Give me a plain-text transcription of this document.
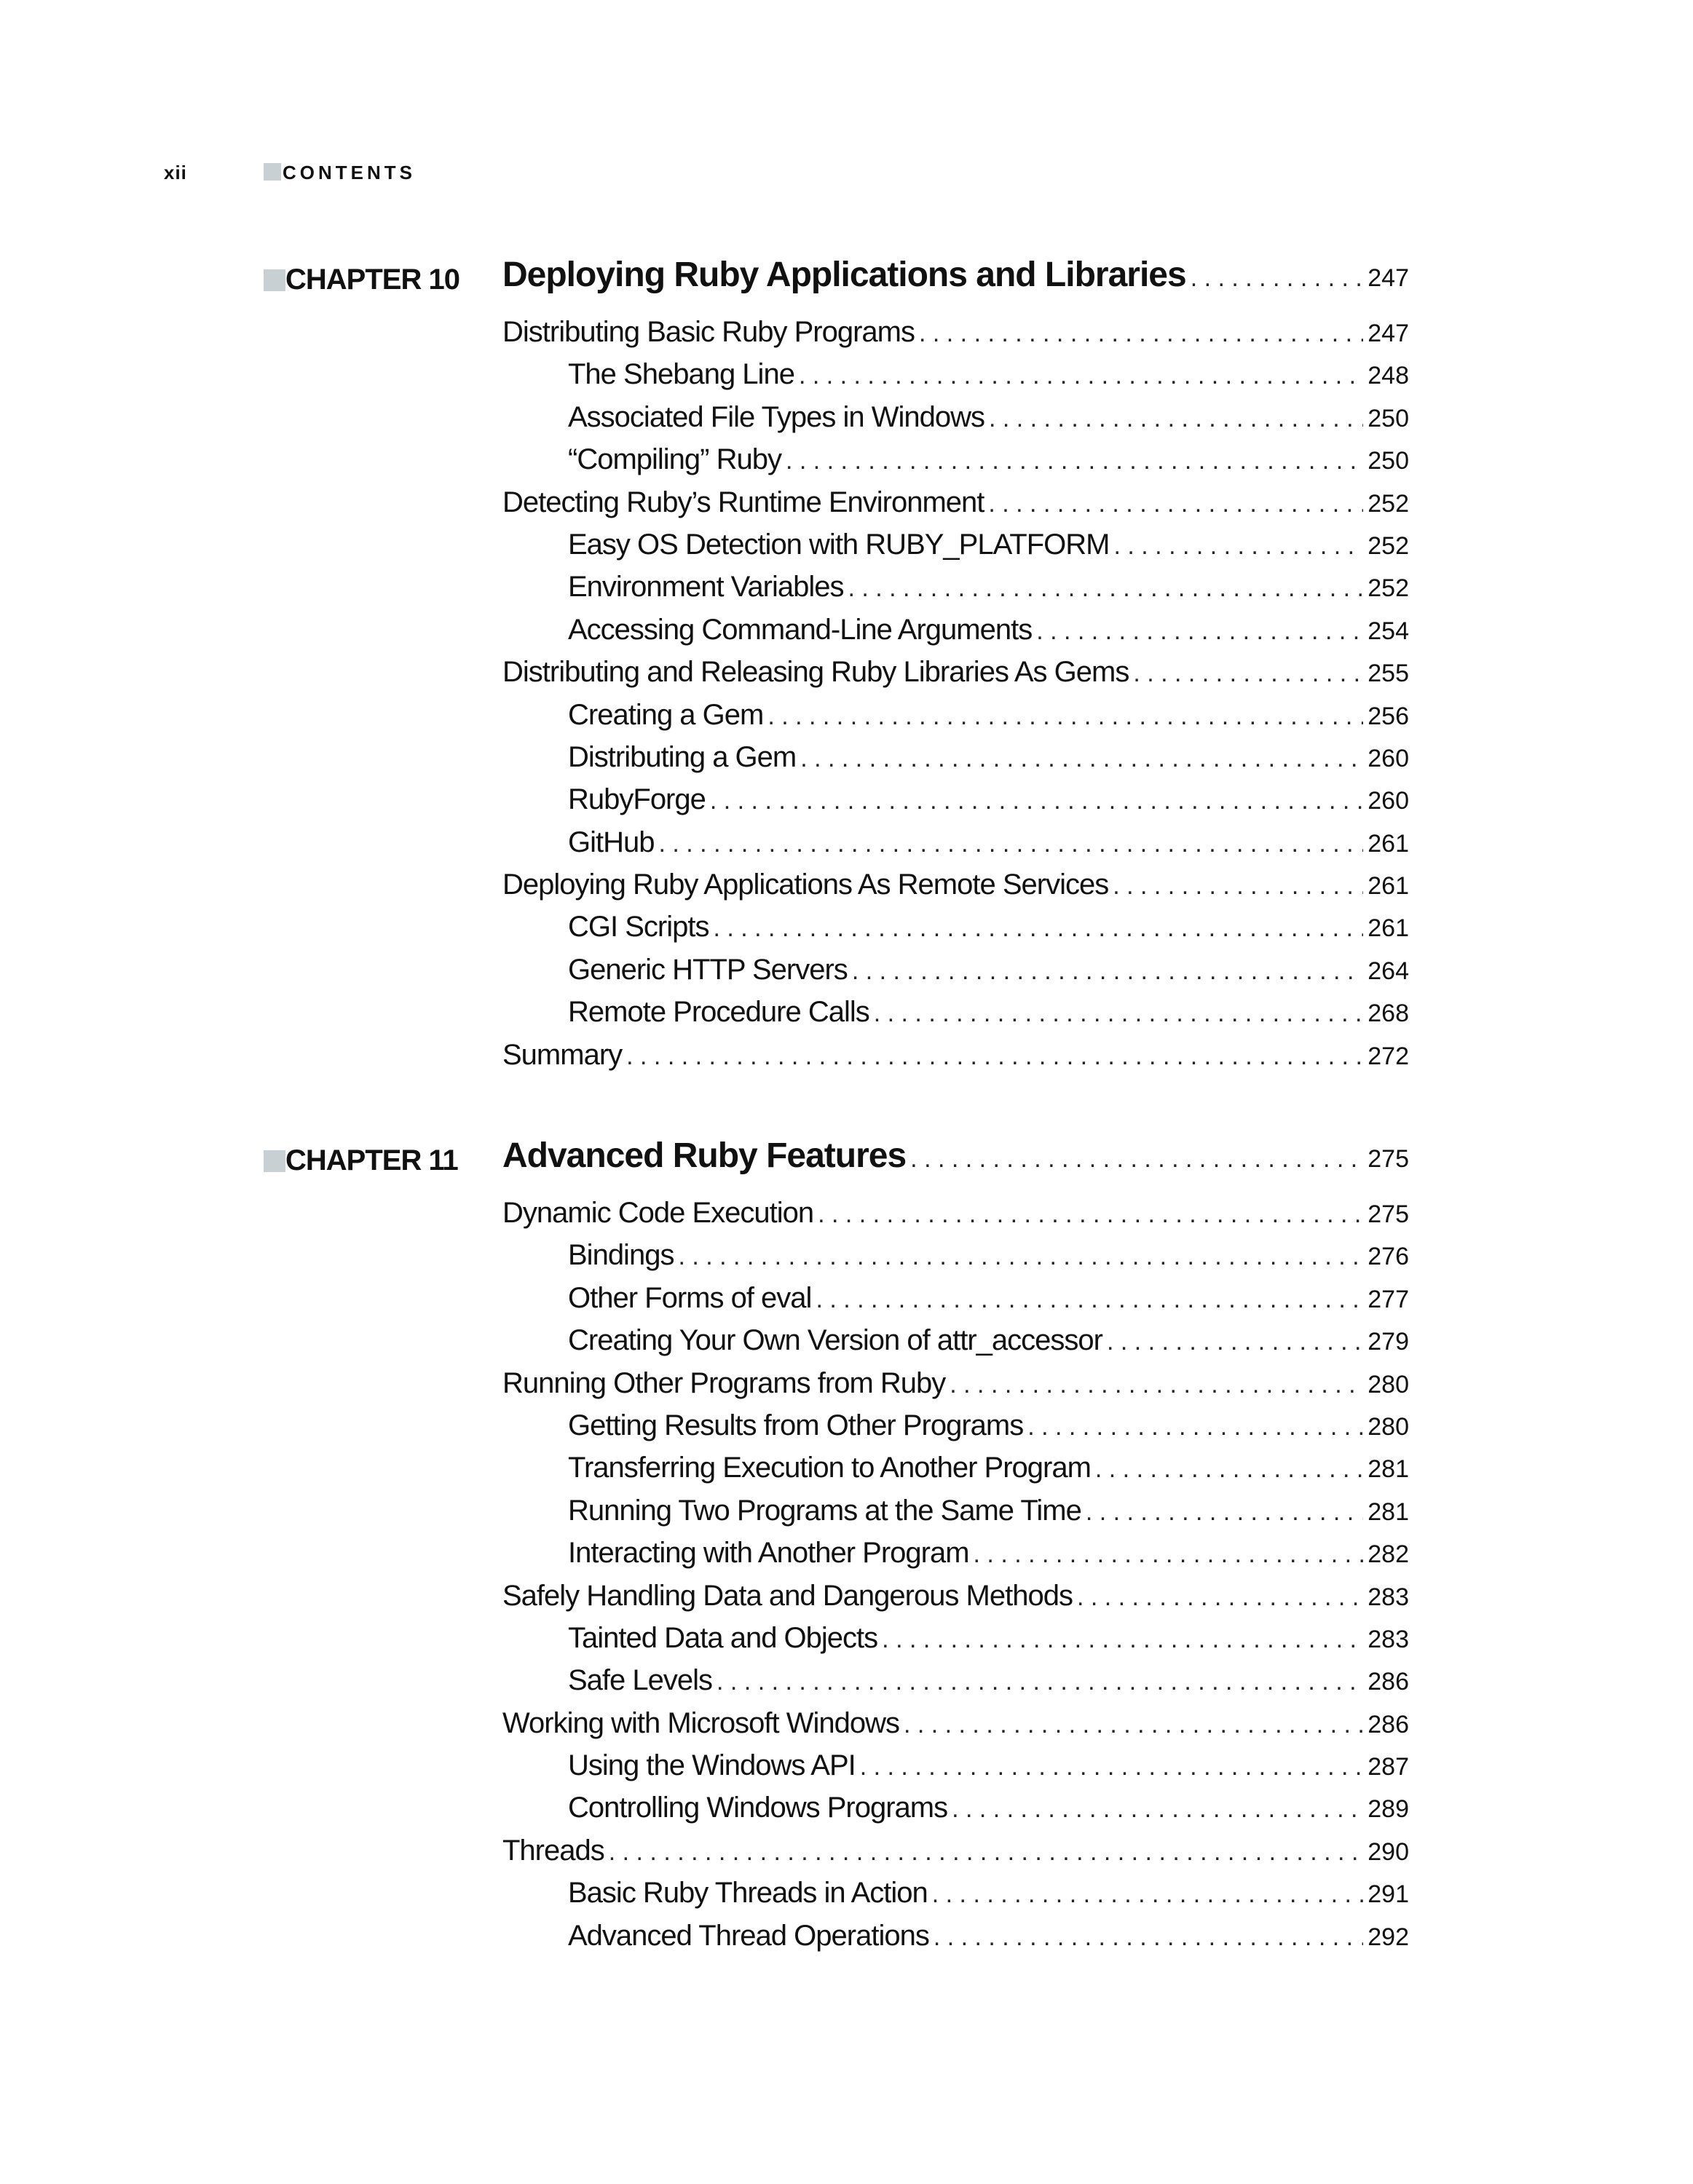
xii	CONTENTS
CHAPTER 10 Deploying Ruby Applications and Libraries . . .	247
Distributing Basic Ruby Programs . . .	247
The Shebang Line . . .	248
Associated File Types in Windows . . .	250
“Compiling” Ruby . . .	250
Detecting Ruby’s Runtime Environment . . .	252
Easy OS Detection with RUBY_PLATFORM . . .	252
Environment Variables . . .	252
Accessing Command-Line Arguments . . .	254
Distributing and Releasing Ruby Libraries As Gems . . .	255
Creating a Gem . . .	256
Distributing a Gem . . .	260
RubyForge . . .	260
GitHub . . .	261
Deploying Ruby Applications As Remote Services . . .	261
CGI Scripts . . .	261
Generic HTTP Servers . . .	264
Remote Procedure Calls . . .	268
Summary . . .	272
CHAPTER 11 Advanced Ruby Features . . .	275
Dynamic Code Execution . . .	275
Bindings . . .	276
Other Forms of eval . . .	277
Creating Your Own Version of attr_accessor . . .	279
Running Other Programs from Ruby . . .	280
Getting Results from Other Programs . . .	280
Transferring Execution to Another Program . . .	281
Running Two Programs at the Same Time . . .	281
Interacting with Another Program . . .	282
Safely Handling Data and Dangerous Methods . . .	283
Tainted Data and Objects . . .	283
Safe Levels . . .	286
Working with Microsoft Windows . . .	286
Using the Windows API . . .	287
Controlling Windows Programs . . .	289
Threads . . .	290
Basic Ruby Threads in Action . . .	291
Advanced Thread Operations . . .	292
